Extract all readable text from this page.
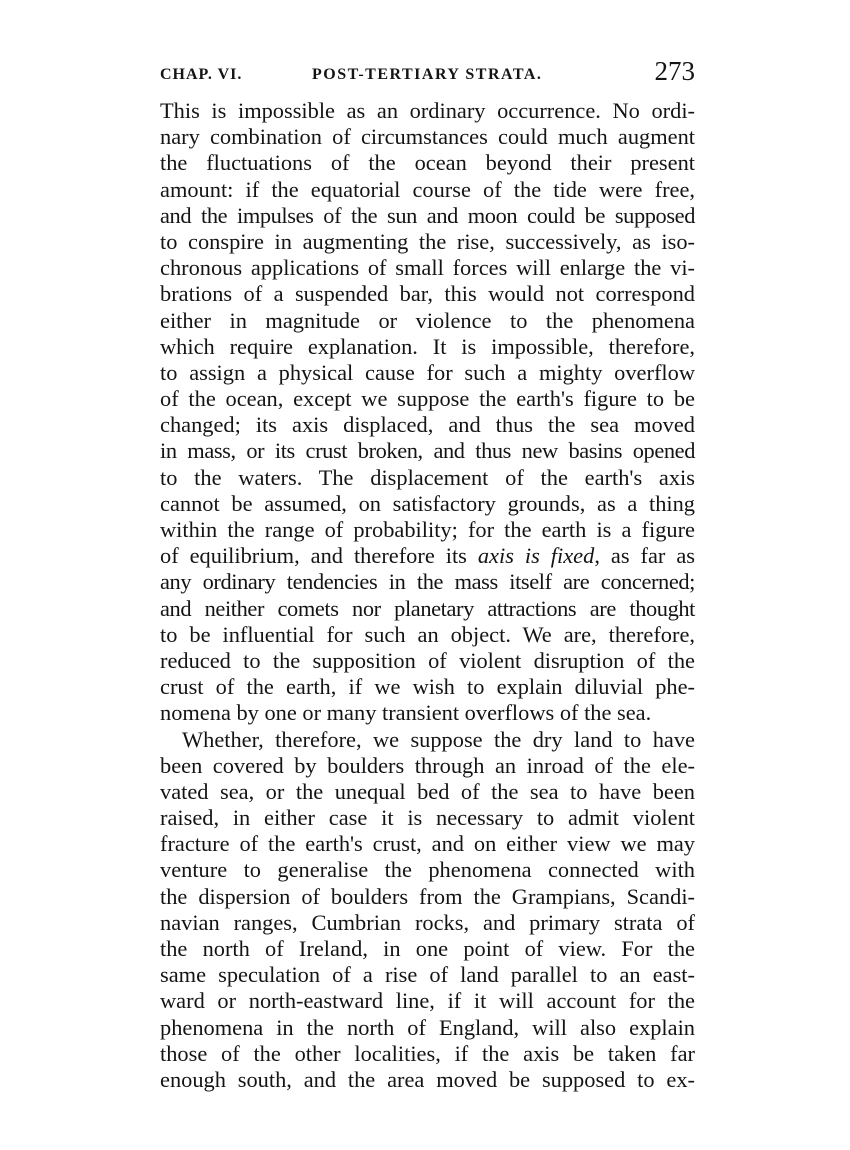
CHAP. VI.	POST-TERTIARY STRATA.	273
This is impossible as an ordinary occurrence. No ordi-
nary combination of circumstances could much augment
the fluctuations of the ocean beyond their present
amount: if the equatorial course of the tide were free,
and the impulses of the sun and moon could be supposed
to conspire in augmenting the rise, successively, as iso-
chronous applications of small forces will enlarge the vi-
brations of a suspended bar, this would not correspond
either in magnitude or violence to the phenomena
which require explanation. It is impossible, therefore,
to assign a physical cause for such a mighty overflow
of the ocean, except we suppose the earth's figure to be
changed; its axis displaced, and thus the sea moved
in mass, or its crust broken, and thus new basins opened
to the waters. The displacement of the earth's axis
cannot be assumed, on satisfactory grounds, as a thing
within the range of probability; for the earth is a figure
of equilibrium, and therefore its axis is fixed, as far as
any ordinary tendencies in the mass itself are concerned;
and neither comets nor planetary attractions are thought
to be influential for such an object. We are, therefore,
reduced to the supposition of violent disruption of the
crust of the earth, if we wish to explain diluvial phe-
nomena by one or many transient overflows of the sea.
Whether, therefore, we suppose the dry land to have
been covered by boulders through an inroad of the ele-
vated sea, or the unequal bed of the sea to have been
raised, in either case it is necessary to admit violent
fracture of the earth's crust, and on either view we may
venture to generalise the phenomena connected with
the dispersion of boulders from the Grampians, Scandi-
navian ranges, Cumbrian rocks, and primary strata of
the north of Ireland, in one point of view. For the
same speculation of a rise of land parallel to an east-
ward or north-eastward line, if it will account for the
phenomena in the north of England, will also explain
those of the other localities, if the axis be taken far
enough south, and the area moved be supposed to ex-
